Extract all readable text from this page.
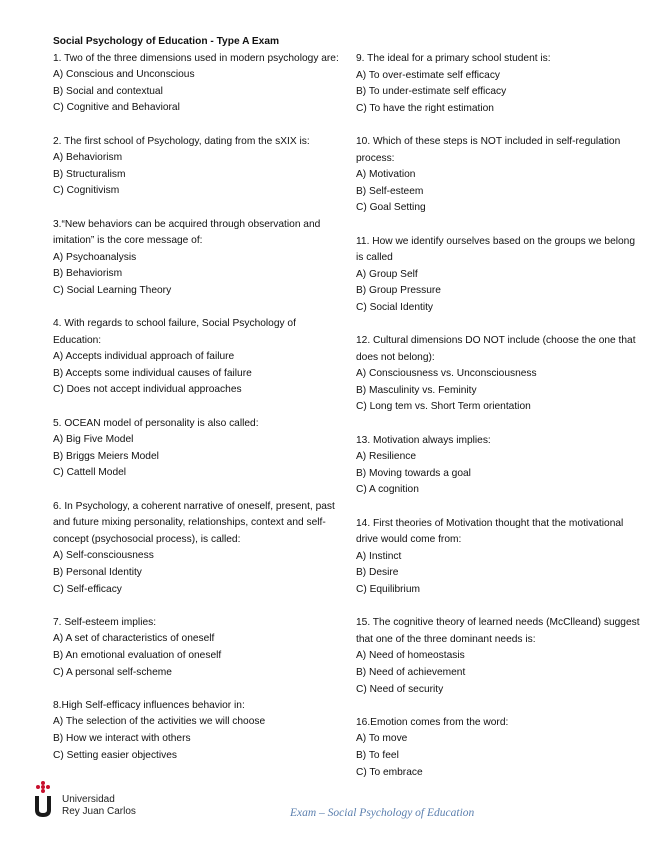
Social Psychology of Education - Type A Exam

1. Two of the three dimensions used in modern psychology are:

A) Conscious and Unconscious

B) Social and contextual

C) Cognitive and Behavioral

2. The first school of Psychology, dating from the sXIX is:

A) Behaviorism

B) Structuralism

C) Cognitivism

3.“New behaviors can be acquired through observation and imitation” is the core message of:

A) Psychoanalysis

B) Behaviorism

C) Social Learning Theory

4. With regards to school failure, Social Psychology of Education:

A) Accepts individual approach of failure

B) Accepts some individual causes of failure

C) Does not accept individual approaches

5. OCEAN model of personality is also called:

A) Big Five Model

B) Briggs Meiers Model

C) Cattell Model

6. In Psychology, a coherent narrative of oneself, present, past and future mixing personality, relationships, context and self-concept (psychosocial process), is called:

A) Self-consciousness

B) Personal Identity

C) Self-efficacy

7. Self-esteem implies:

A) A set of characteristics of oneself

B) An emotional evaluation of oneself

C) A personal self-scheme

8.High Self-efficacy influences behavior in:

A) The selection of the activities we will choose

B) How we interact with others

C) Setting easier objectives

9. The ideal for a primary school student is:

A) To over-estimate self efficacy

B) To under-estimate self efficacy

C) To have the right estimation

10. Which of these steps is NOT included in self-regulation process:

A) Motivation

B) Self-esteem

C) Goal Setting

11. How we identify ourselves based on the groups we belong is called

A) Group Self

B) Group Pressure

C) Social Identity

12. Cultural dimensions DO NOT include (choose the one that does not belong):

A) Consciousness vs. Unconsciousness

B) Masculinity vs. Feminity

C) Long tem vs. Short Term orientation

13. Motivation always implies:

A) Resilience

B) Moving towards a goal

C) A cognition

14. First theories of Motivation thought that the motivational drive would come from:

A) Instinct

B) Desire

C) Equilibrium

15. The cognitive theory of learned needs (McClleand) suggest that one of the three dominant needs is:

A) Need of homeostasis

B) Need of achievement

C) Need of security

16.Emotion comes from the word:

A) To move

B) To feel

C) To embrace

Universidad
Rey Juan Carlos	Exam – Social Psychology of Education
